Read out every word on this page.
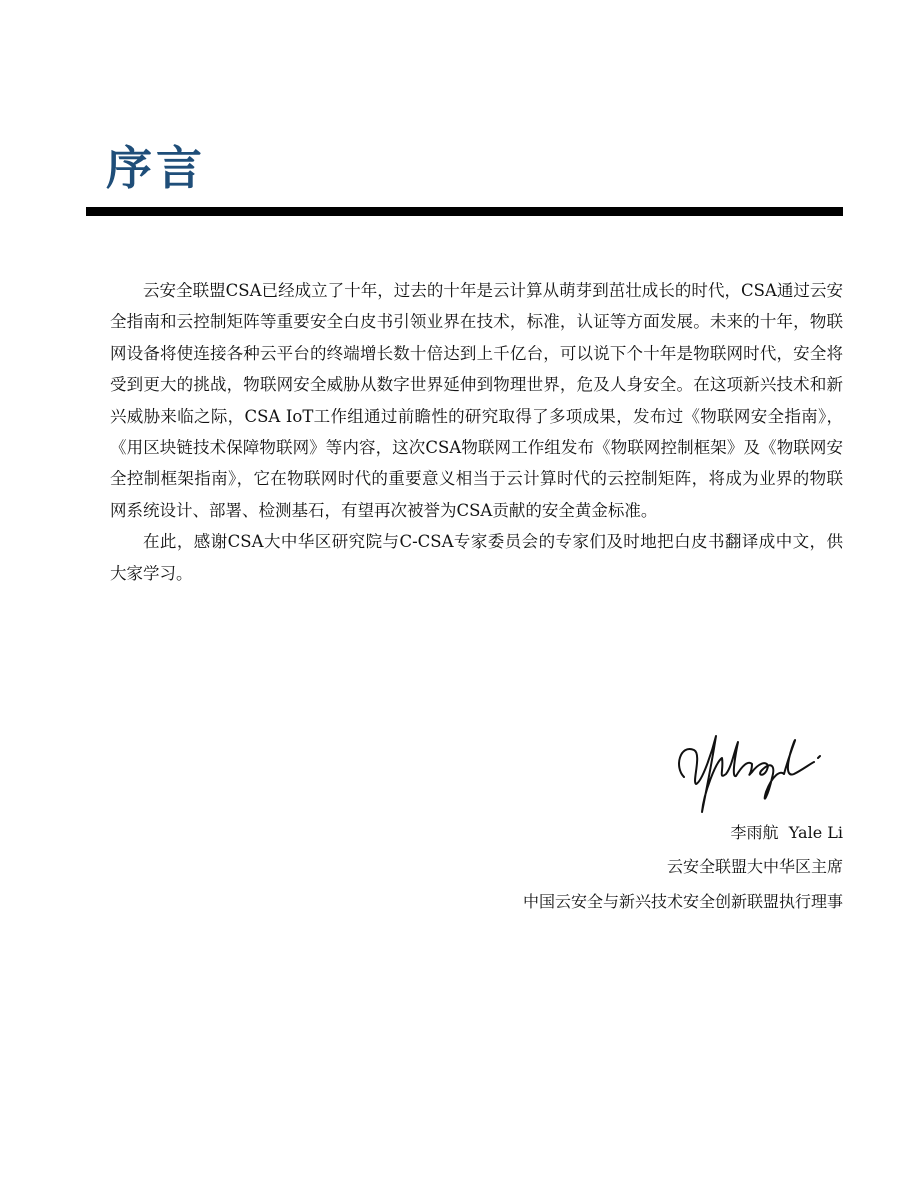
序言

云安全联盟CSA已经成立了十年，过去的十年是云计算从萌芽到茁壮成长的时代，CSA通过云安全指南和云控制矩阵等重要安全白皮书引领业界在技术，标准，认证等方面发展。未来的十年，物联网设备将使连接各种云平台的终端增长数十倍达到上千亿台，可以说下个十年是物联网时代，安全将受到更大的挑战，物联网安全威胁从数字世界延伸到物理世界，危及人身安全。在这项新兴技术和新兴威胁来临之际，CSA IoT工作组通过前瞻性的研究取得了多项成果，发布过《物联网安全指南》，《用区块链技术保障物联网》等内容，这次CSA物联网工作组发布《物联网控制框架》及《物联网安全控制框架指南》，它在物联网时代的重要意义相当于云计算时代的云控制矩阵，将成为业界的物联网系统设计、部署、检测基石，有望再次被誉为CSA贡献的安全黄金标准。

在此，感谢CSA大中华区研究院与C-CSA专家委员会的专家们及时地把白皮书翻译成中文，供大家学习。

李雨航  Yale Li
云安全联盟大中华区主席
中国云安全与新兴技术安全创新联盟执行理事
